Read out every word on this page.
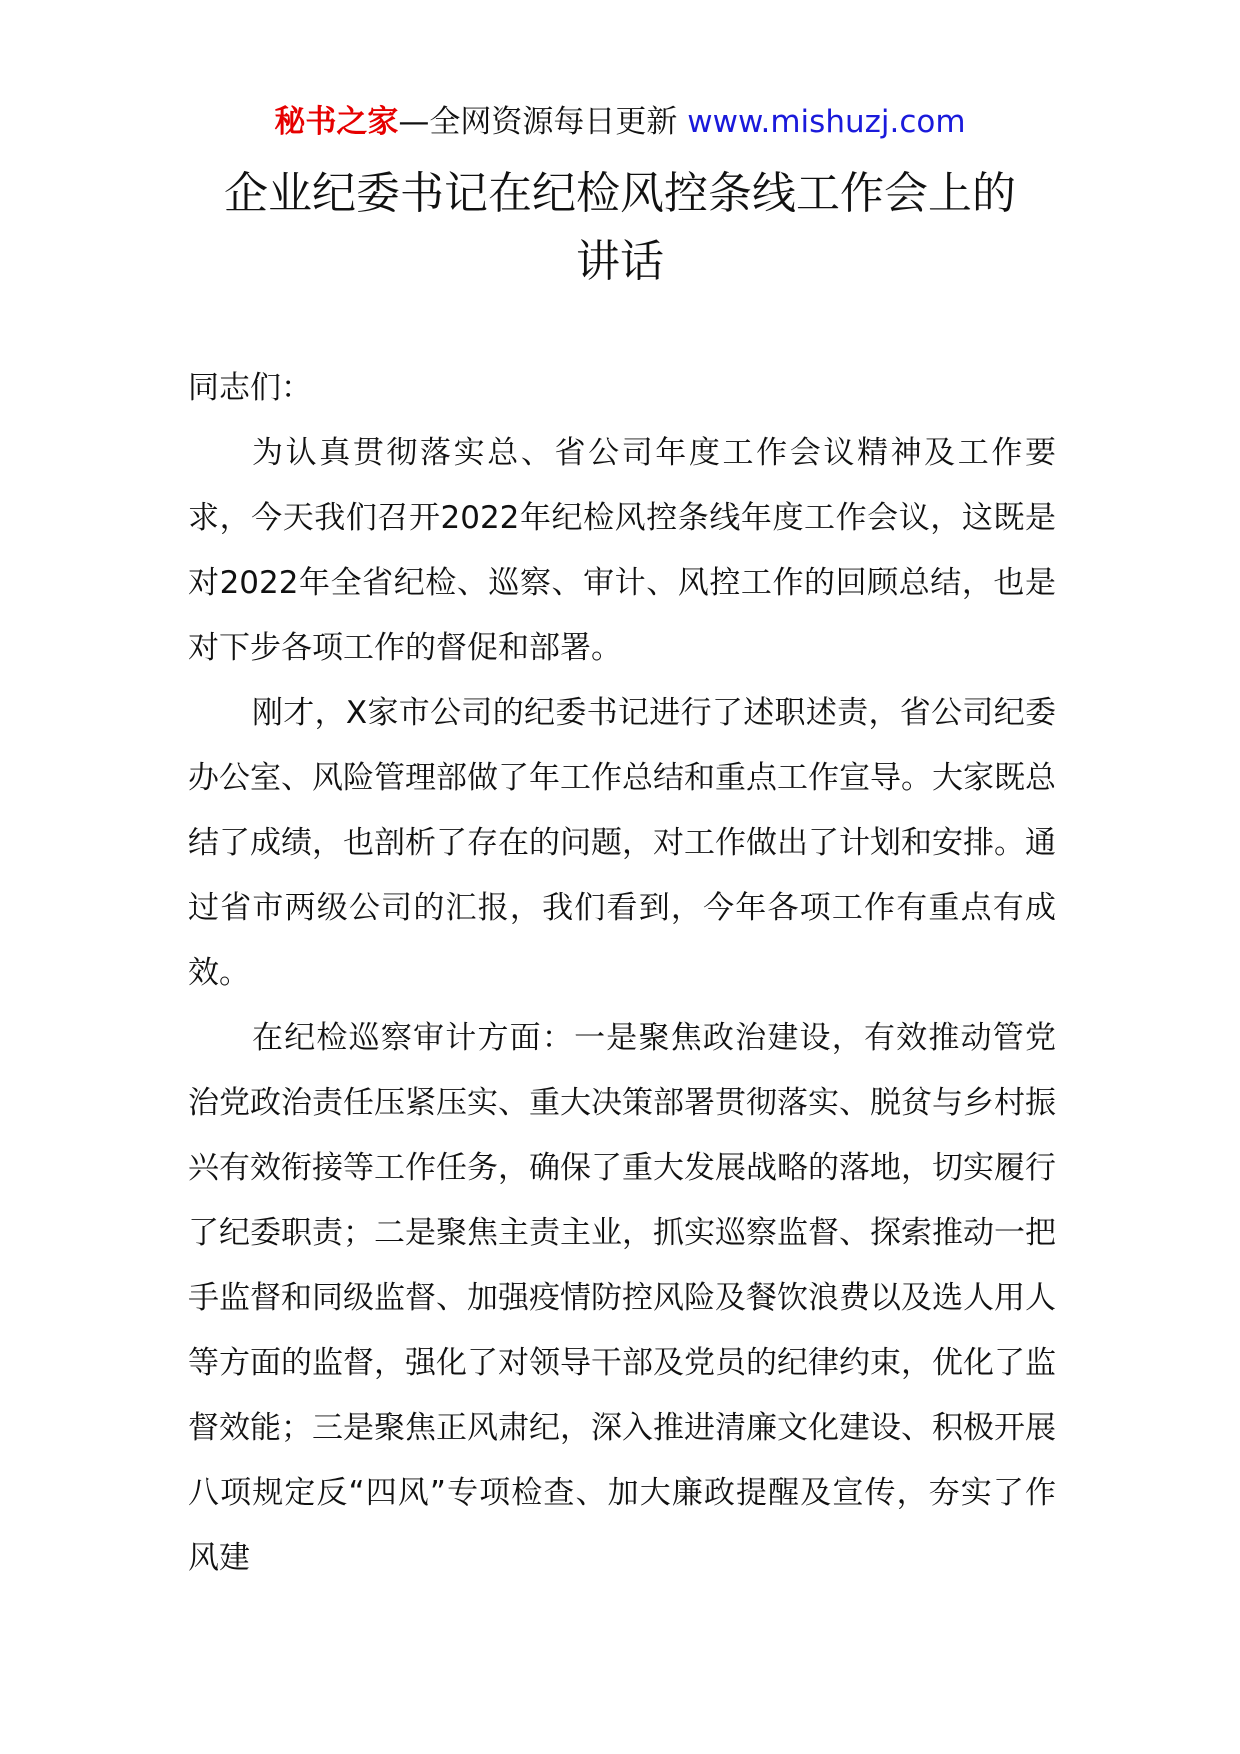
秘书之家—全网资源每日更新 www.mishuzj.com
企业纪委书记在纪检风控条线工作会上的
讲话

同志们：

为认真贯彻落实总、省公司年度工作会议精神及工作要求，今天我们召开2022年纪检风控条线年度工作会议，这既是对2022年全省纪检、巡察、审计、风控工作的回顾总结，也是对下步各项工作的督促和部署。

刚才，X家市公司的纪委书记进行了述职述责，省公司纪委办公室、风险管理部做了年工作总结和重点工作宣导。大家既总结了成绩，也剖析了存在的问题，对工作做出了计划和安排。通过省市两级公司的汇报，我们看到，今年各项工作有重点有成效。

在纪检巡察审计方面：一是聚焦政治建设，有效推动管党治党政治责任压紧压实、重大决策部署贯彻落实、脱贫与乡村振兴有效衔接等工作任务，确保了重大发展战略的落地，切实履行了纪委职责；二是聚焦主责主业，抓实巡察监督、探索推动一把手监督和同级监督、加强疫情防控风险及餐饮浪费以及选人用人等方面的监督，强化了对领导干部及党员的纪律约束，优化了监督效能；三是聚焦正风肃纪，深入推进清廉文化建设、积极开展八项规定反“四风”专项检查、加大廉政提醒及宣传，夯实了作风建
